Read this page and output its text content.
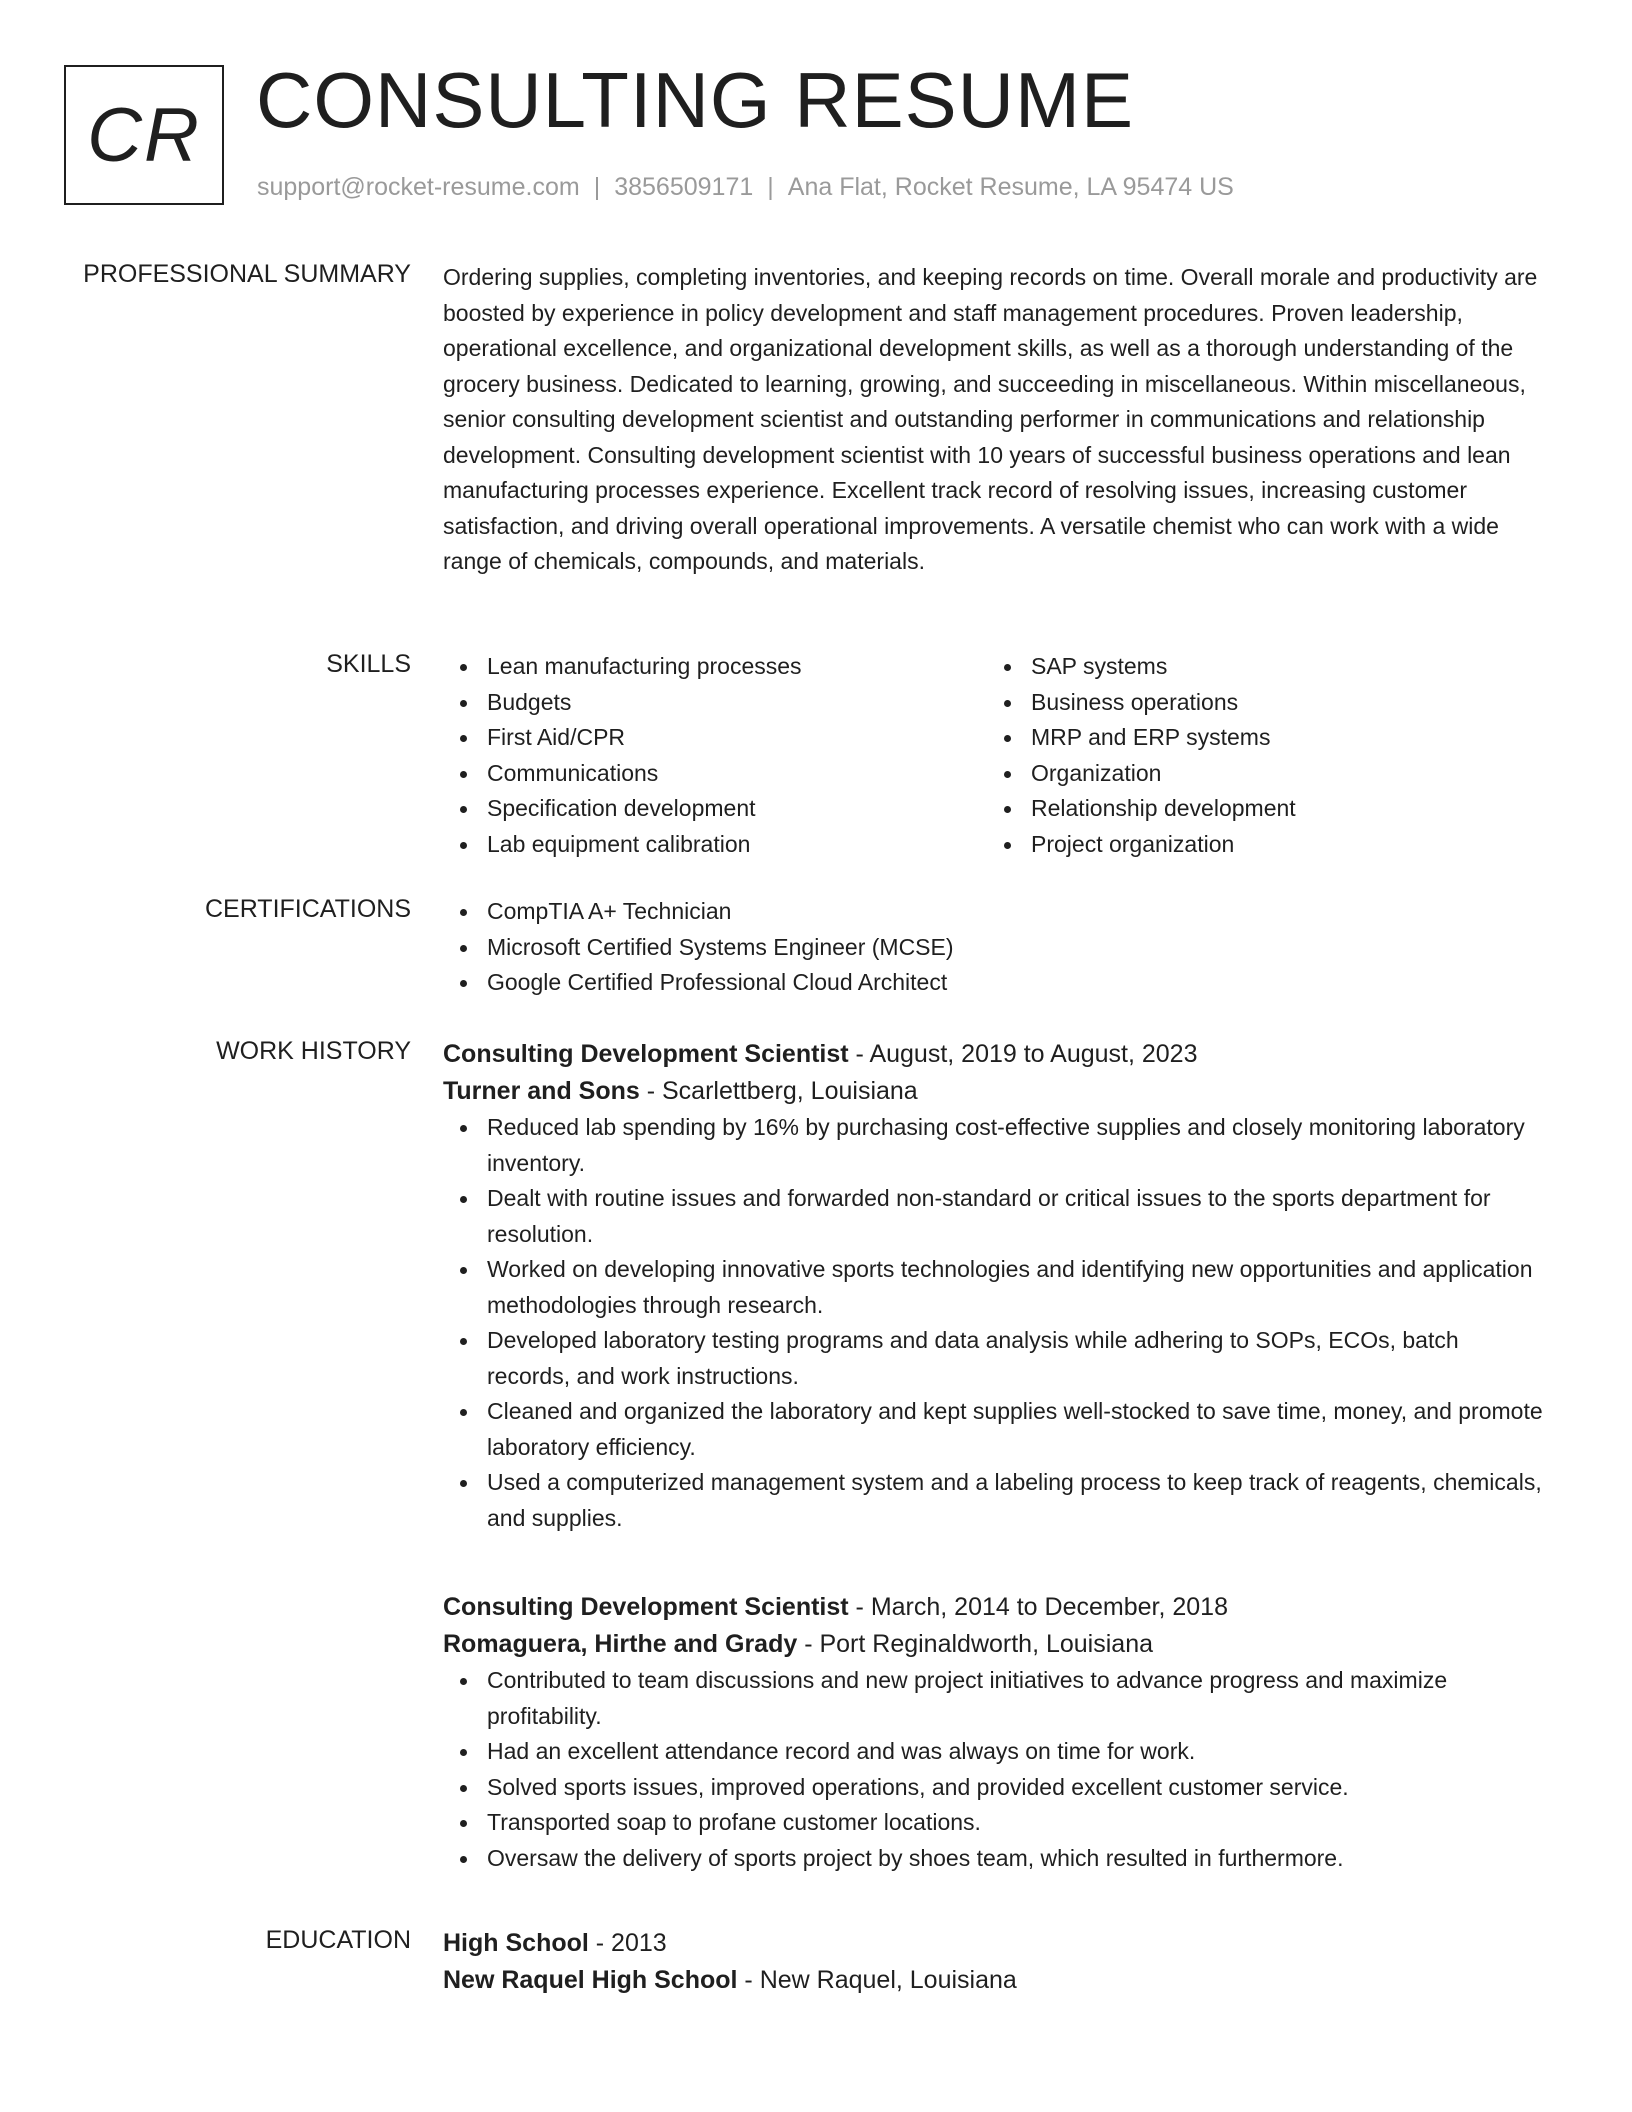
CR CONSULTING RESUME
support@rocket-resume.com | 3856509171 | Ana Flat, Rocket Resume, LA 95474 US
PROFESSIONAL SUMMARY Ordering supplies, completing inventories, and keeping records on time. Overall morale and productivity are boosted by experience in policy development and staff management procedures. Proven leadership, operational excellence, and organizational development skills, as well as a thorough understanding of the grocery business. Dedicated to learning, growing, and succeeding in miscellaneous. Within miscellaneous, senior consulting development scientist and outstanding performer in communications and relationship development. Consulting development scientist with 10 years of successful business operations and lean manufacturing processes experience. Excellent track record of resolving issues, increasing customer satisfaction, and driving overall operational improvements. A versatile chemist who can work with a wide range of chemicals, compounds, and materials.

SKILLS	Lean manufacturing processes
Budgets
First Aid/CPR
Communications
Specification development
Lab equipment calibration
SAP systems
Business operations
MRP and ERP systems
Organization
Relationship development
Project organization
CERTIFICATIONS	CompTIA A+ Technician
Microsoft Certified Systems Engineer (MCSE)
Google Certified Professional Cloud Architect
WORK HISTORY Consulting Development Scientist - August, 2019 to August, 2023
Turner and Sons - Scarlettberg, Louisiana
Reduced lab spending by 16% by purchasing cost-effective supplies and closely monitoring laboratory inventory.
Dealt with routine issues and forwarded non-standard or critical issues to the sports department for resolution.
Worked on developing innovative sports technologies and identifying new opportunities and application methodologies through research.
Developed laboratory testing programs and data analysis while adhering to SOPs, ECOs, batch records, and work instructions.
Cleaned and organized the laboratory and kept supplies well-stocked to save time, money, and promote laboratory efficiency.
Used a computerized management system and a labeling process to keep track of reagents, chemicals, and supplies.
Consulting Development Scientist - March, 2014 to December, 2018
Romaguera, Hirthe and Grady - Port Reginaldworth, Louisiana
Contributed to team discussions and new project initiatives to advance progress and maximize profitability.
Had an excellent attendance record and was always on time for work.
Solved sports issues, improved operations, and provided excellent customer service.
Transported soap to profane customer locations.
Oversaw the delivery of sports project by shoes team, which resulted in furthermore.
EDUCATION High School - 2013
New Raquel High School - New Raquel, Louisiana
